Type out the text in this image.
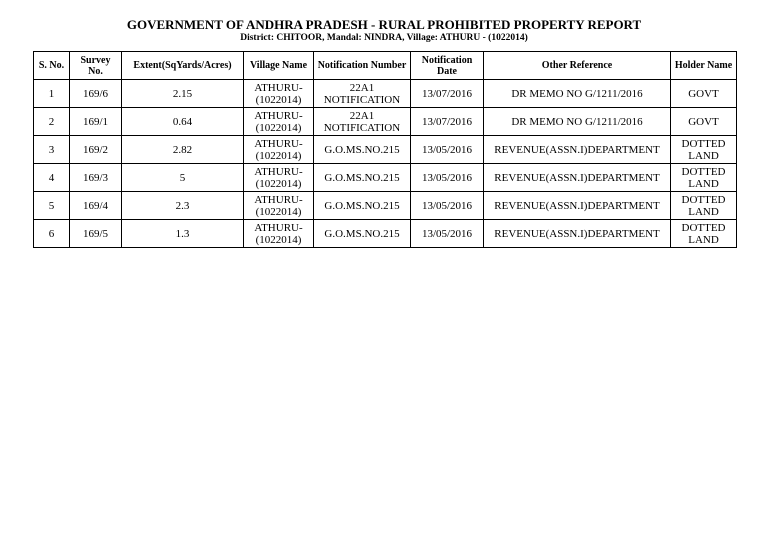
GOVERNMENT OF ANDHRA PRADESH - RURAL PROHIBITED PROPERTY REPORT
District: CHITOOR, Mandal: NINDRA, Village: ATHURU - (1022014)
S. No.	Survey No.	Extent(SqYards/Acres)	Village Name	Notification Number	Notification Date	Other Reference	Holder Name
1	169/6	2.15	ATHURU-(1022014)	22A1 NOTIFICATION	13/07/2016	DR MEMO NO G/1211/2016	GOVT
2	169/1	0.64	ATHURU-(1022014)	22A1 NOTIFICATION	13/07/2016	DR MEMO NO G/1211/2016	GOVT
3	169/2	2.82	ATHURU-(1022014)	G.O.MS.NO.215	13/05/2016	REVENUE(ASSN.I)DEPARTMENT	DOTTED LAND
4	169/3	5	ATHURU-(1022014)	G.O.MS.NO.215	13/05/2016	REVENUE(ASSN.I)DEPARTMENT	DOTTED LAND
5	169/4	2.3	ATHURU-(1022014)	G.O.MS.NO.215	13/05/2016	REVENUE(ASSN.I)DEPARTMENT	DOTTED LAND
6	169/5	1.3	ATHURU-(1022014)	G.O.MS.NO.215	13/05/2016	REVENUE(ASSN.I)DEPARTMENT	DOTTED LAND
